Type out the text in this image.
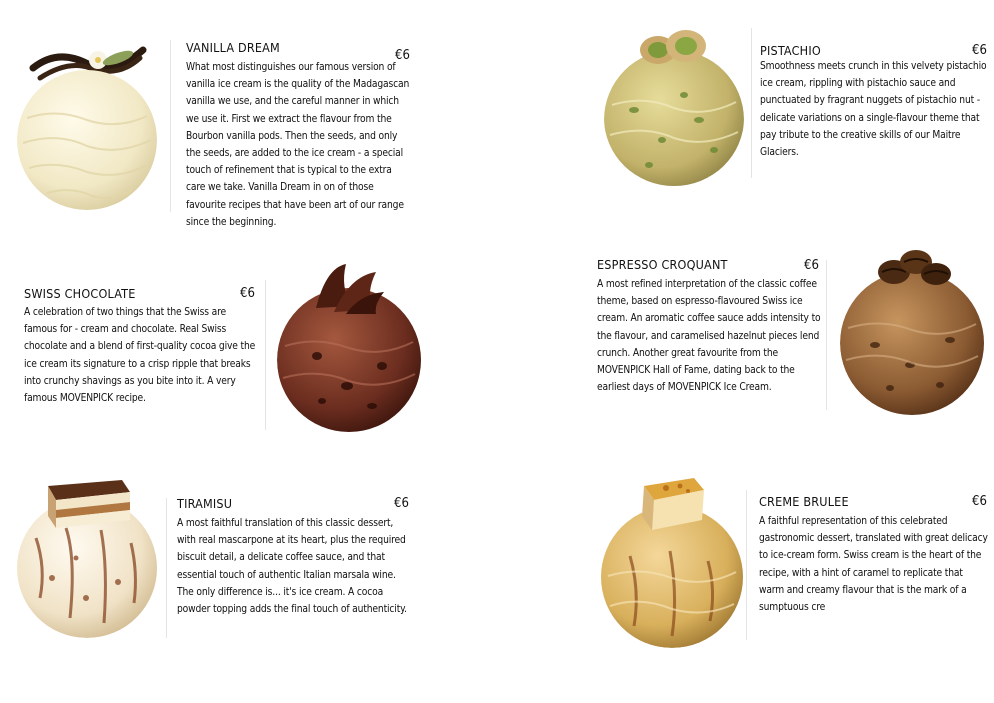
VANILLA DREAM
€6

What most distinguishes our famous version of vanilla ice cream is the quality of the Madagascan vanilla we use, and the careful manner in which we use it. First we extract the flavour from the Bourbon vanilla pods. Then the seeds, and only the seeds, are added to the ice cream - a special touch of refinement that is typical to the extra care we take. Vanilla Dream in on of those favourite recipes that have been art of our range since the beginning.

PISTACHIO	€6

Smoothness meets crunch in this velvety pistachio ice cream, rippling with pistachio sauce and punctuated by fragrant nuggets of pistachio nut - delicate variations on a single-flavour theme that pay tribute to the creative skills of our Maitre Glaciers.

SWISS CHOCOLATE	€6

A celebration of two things that the Swiss are famous for - cream and chocolate. Real Swiss chocolate and a blend of first-quality cocoa give the ice cream its signature to a crisp ripple that breaks into crunchy shavings as you bite into it. A very famous MOVENPICK recipe.

ESPRESSO CROQUANT	€6

A most refined interpretation of the classic coffee theme, based on espresso-flavoured Swiss ice cream. An aromatic coffee sauce adds intensity to the flavour, and caramelised hazelnut pieces lend crunch. Another great favourite from the MOVENPICK Hall of Fame, dating back to the earliest days of MOVENPICK Ice Cream.

TIRAMISU	€6

A most faithful translation of this classic dessert, with real mascarpone at its heart, plus the required biscuit detail, a delicate coffee sauce, and that essential touch of authentic Italian marsala wine. The only difference is... it's ice cream. A cocoa powder topping adds the final touch of authenticity.

CREME BRULEE	€6

A faithful representation of this celebrated gastronomic dessert, translated with great delicacy to ice-cream form. Swiss cream is the heart of the recipe, with a hint of caramel to replicate that warm and creamy flavour that is the mark of a sumptuous cre
